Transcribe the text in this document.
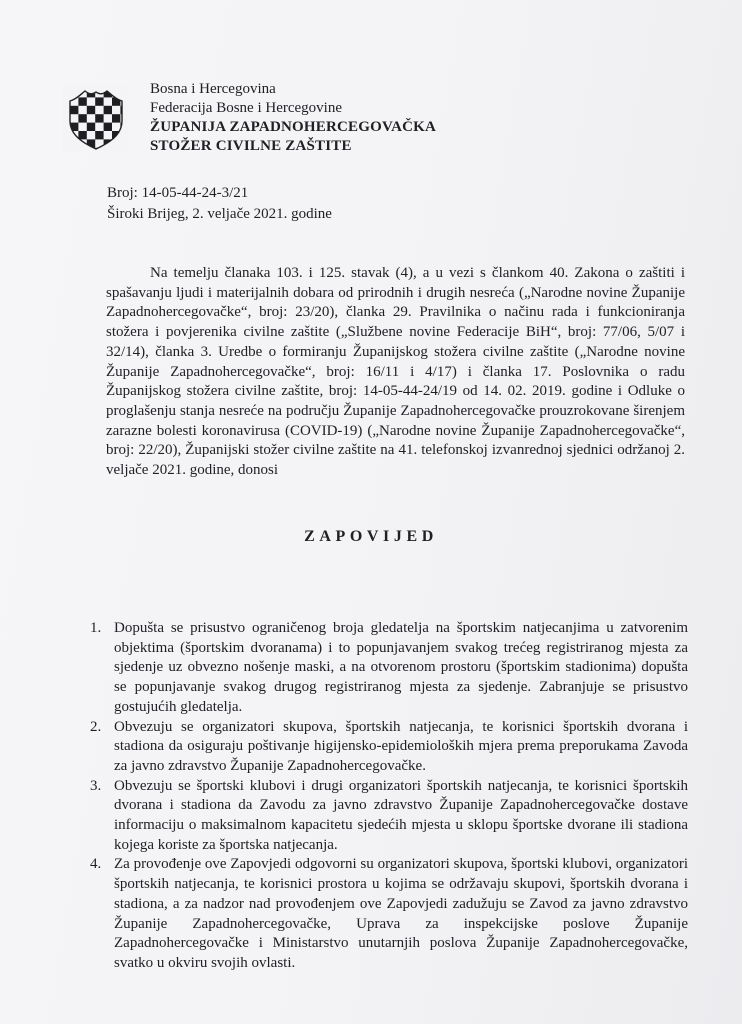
Bosna i Hercegovina
Federacija Bosne i Hercegovine
ŽUPANIJA ZAPADNOHERCEGOVAČKA
STOŽER CIVILNE ZAŠTITE
Broj: 14-05-44-24-3/21
Široki Brijeg, 2. veljače 2021. godine

Na temelju članaka 103. i 125. stavak (4), a u vezi s člankom 40. Zakona o zaštiti i spašavanju ljudi i materijalnih dobara od prirodnih i drugih nesreća („Narodne novine Županije Zapadnohercegovačke“, broj: 23/20), članka 29. Pravilnika o načinu rada i funkcioniranja stožera i povjerenika civilne zaštite („Službene novine Federacije BiH“, broj: 77/06, 5/07 i 32/14), članka 3. Uredbe o formiranju Županijskog stožera civilne zaštite („Narodne novine Županije Zapadnohercegovačke“, broj: 16/11 i 4/17) i članka 17. Poslovnika o radu Županijskog stožera civilne zaštite, broj: 14-05-44-24/19 od 14. 02. 2019. godine i Odluke o proglašenju stanja nesreće na području Županije Zapadnohercegovačke prouzrokovane širenjem zarazne bolesti koronavirusa (COVID-19) („Narodne novine Županije Zapadnohercegovačke“, broj: 22/20), Županijski stožer civilne zaštite na 41. telefonskoj izvanrednoj sjednici održanoj 2. veljače 2021. godine, donosi

ZAPOVIJED
1. Dopušta se prisustvo ograničenog broja gledatelja na športskim natjecanjima u zatvorenim objektima (športskim dvoranama) i to popunjavanjem svakog trećeg registriranog mjesta za sjedenje uz obvezno nošenje maski, a na otvorenom prostoru (športskim stadionima) dopušta se popunjavanje svakog drugog registriranog mjesta za sjedenje. Zabranjuje se prisustvo gostujućih gledatelja.
2. Obvezuju se organizatori skupova, športskih natjecanja, te korisnici športskih dvorana i stadiona da osiguraju poštivanje higijensko-epidemioloških mjera prema preporukama Zavoda za javno zdravstvo Županije Zapadnohercegovačke.
3. Obvezuju se športski klubovi i drugi organizatori športskih natjecanja, te korisnici športskih dvorana i stadiona da Zavodu za javno zdravstvo Županije Zapadnohercegovačke dostave informaciju o maksimalnom kapacitetu sjedećih mjesta u sklopu športske dvorane ili stadiona kojega koriste za športska natjecanja.
4. Za provođenje ove Zapovjedi odgovorni su organizatori skupova, športski klubovi, organizatori športskih natjecanja, te korisnici prostora u kojima se održavaju skupovi, športskih dvorana i stadiona, a za nadzor nad provođenjem ove Zapovjedi zadužuju se Zavod za javno zdravstvo Županije Zapadnohercegovačke, Uprava za inspekcijske poslove Županije Zapadnohercegovačke i Ministarstvo unutarnjih poslova Županije Zapadnohercegovačke, svatko u okviru svojih ovlasti.
